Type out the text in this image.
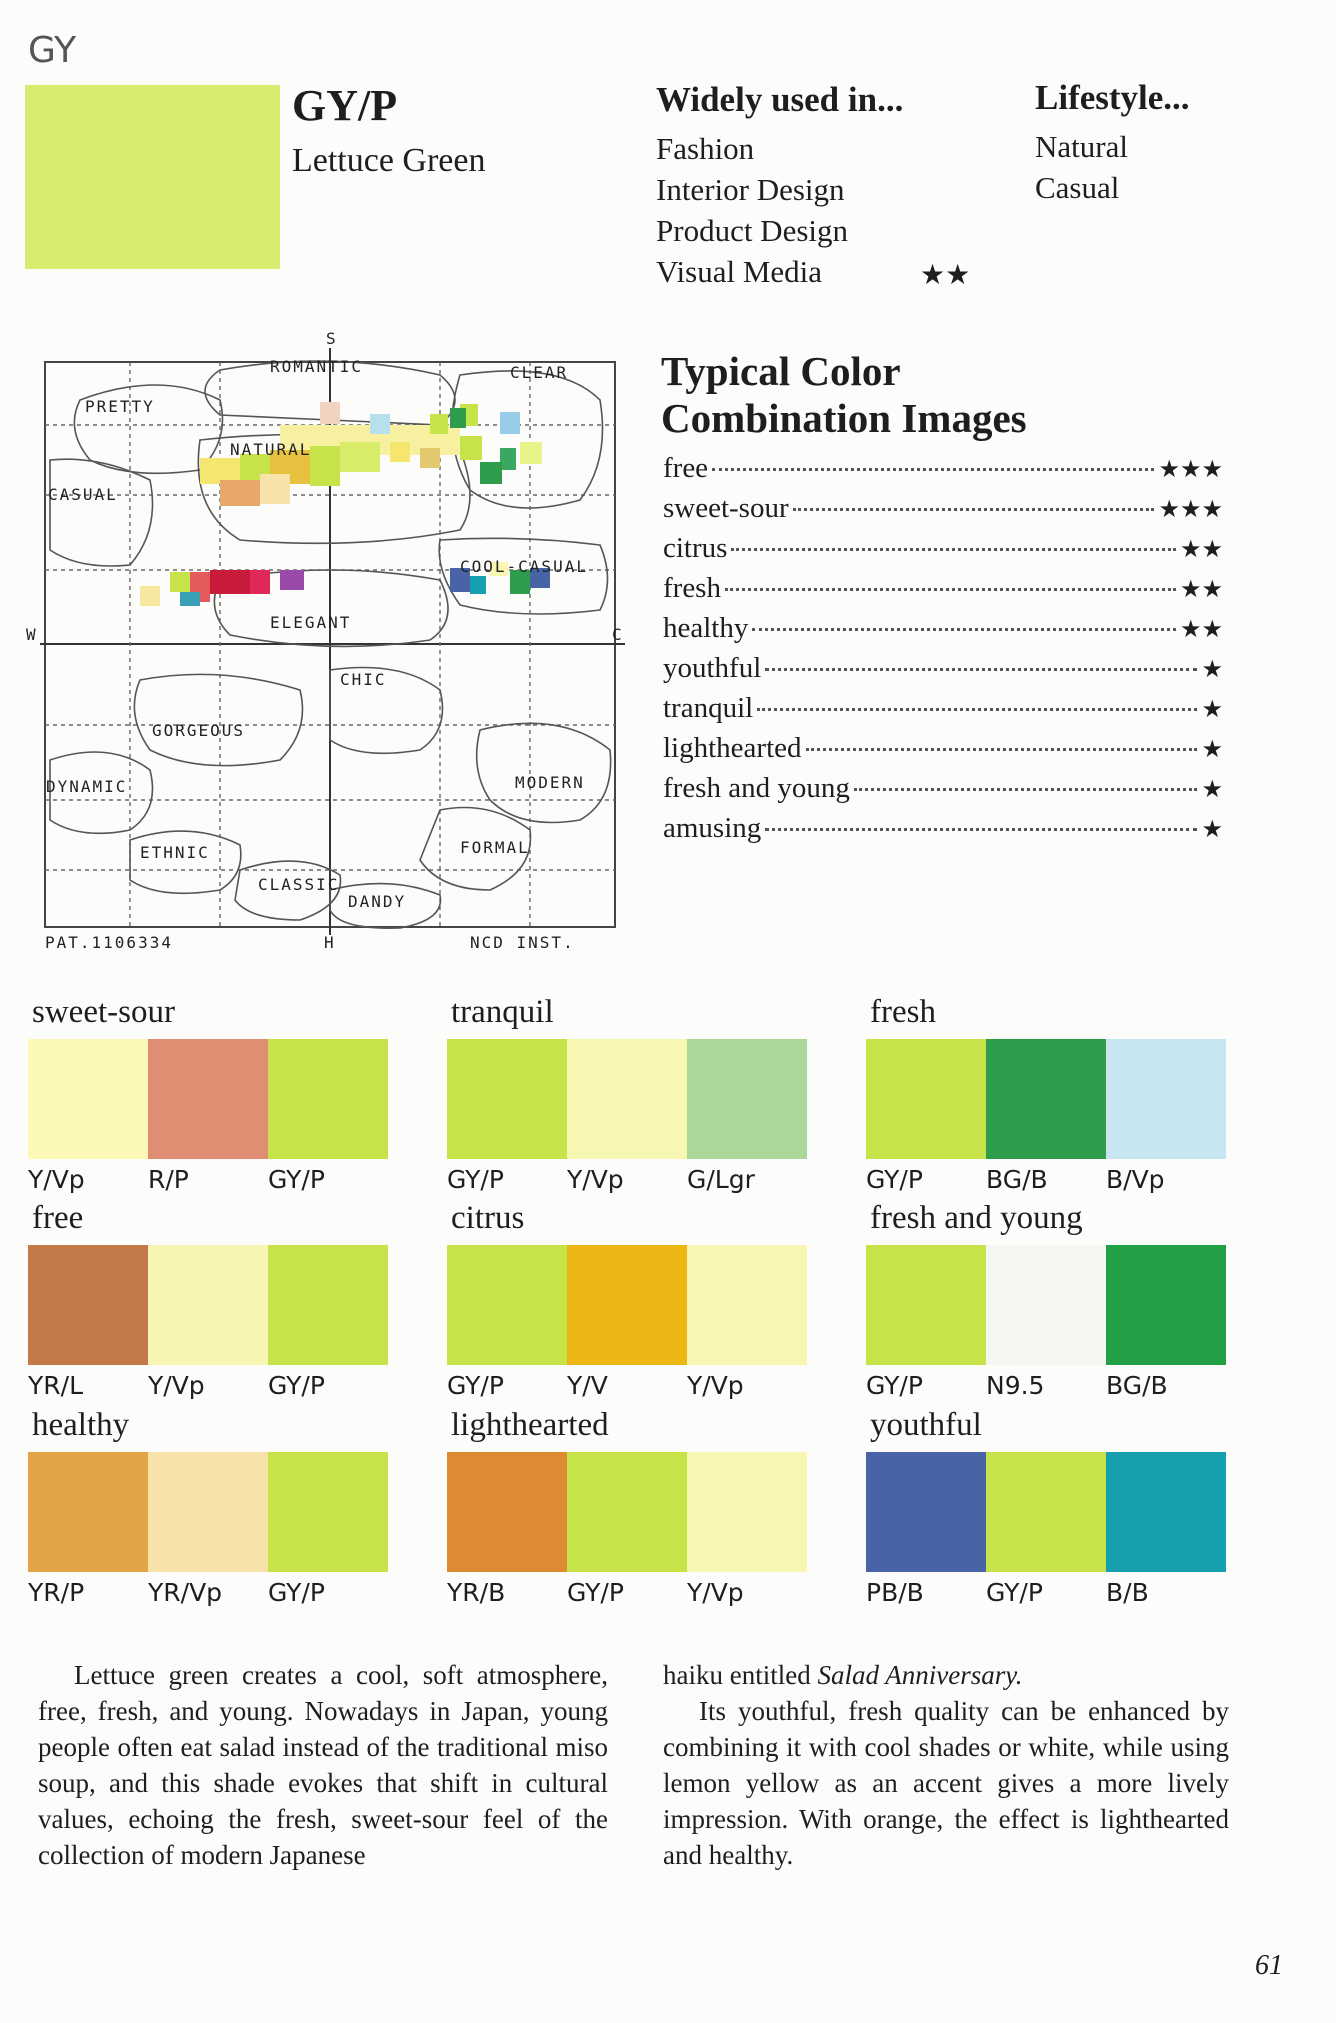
GY
GY/P
Lettuce Green
Widely used in...
Fashion
Interior Design
Product Design
Visual Media	★★
Lifestyle...
Natural
Casual
S
H
W	C
ROMANTIC	CLEAR
PRETTY
NATURAL
CASUAL
COOL-CASUAL
ELEGANT
CHIC
GORGEOUS
DYNAMIC	MODERN
ETHNIC	FORMAL
CLASSIC
DANDY
PAT.1106334	NCD INST.
Typical Color
Combination Images
free	★★★
sweet-sour	★★★
citrus	★★
fresh	★★
healthy	★★
youthful	★
tranquil	★
lighthearted	★
fresh and young	★
amusing	★
sweet-sour
Y/Vp	R/P	GY/P
tranquil
GY/P	Y/Vp	G/Lgr
fresh
GY/P	BG/B	B/Vp
free
YR/L	Y/Vp	GY/P
citrus
GY/P	Y/V	Y/Vp
fresh and young
GY/P	N9.5	BG/B
healthy
YR/P	YR/Vp	GY/P
lighthearted
YR/B	GY/P	Y/Vp
youthful
PB/B	GY/P	B/B

Lettuce green creates a cool, soft atmosphere, free, fresh, and young. Nowadays in Japan, young people often eat salad instead of the traditional miso soup, and this shade evokes that shift in cultural values, echoing the fresh, sweet-sour feel of the collection of modern Japanese

haiku entitled Salad Anniversary.

Its youthful, fresh quality can be enhanced by combining it with cool shades or white, while using lemon yellow as an accent gives a more lively impression. With orange, the effect is lighthearted and healthy.

61
